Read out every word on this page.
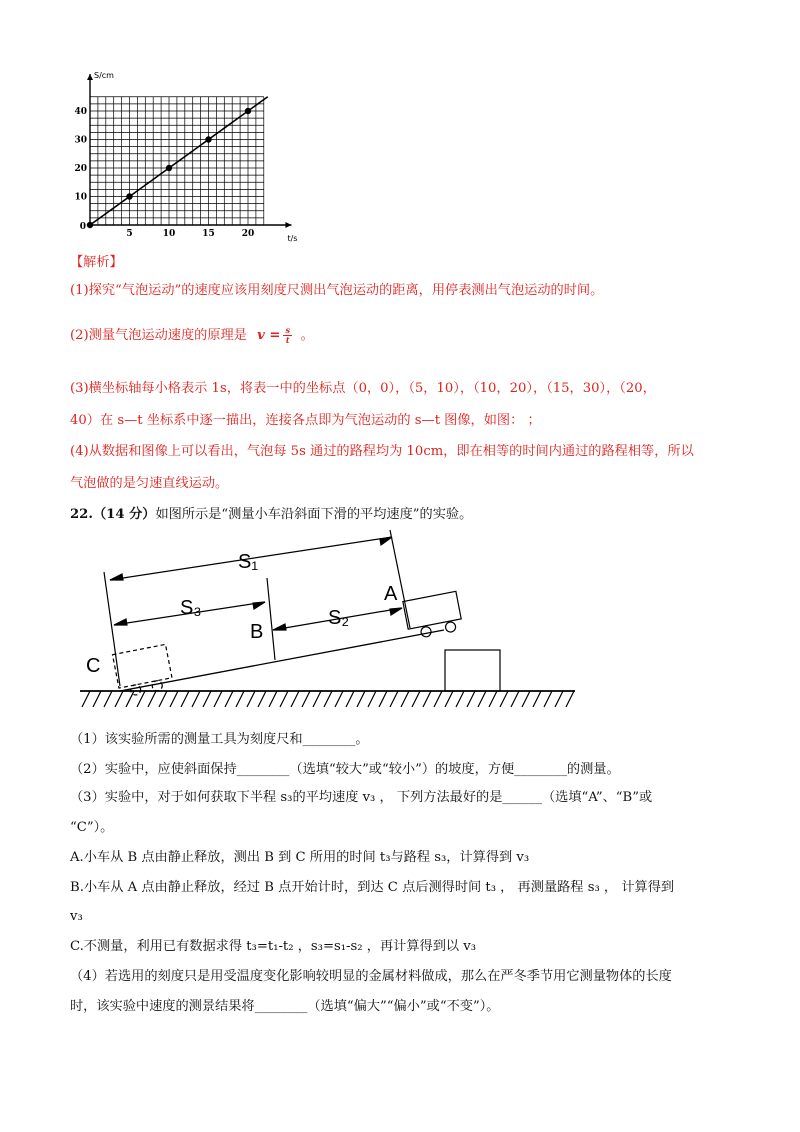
S/cm
t/s
5	10	15	20
0
10
20
30
40
【解析】
(1)探究“气泡运动”的速度应该用刻度尺测出气泡运动的距离，用停表测出气泡运动的时间。
(2)测量气泡运动速度的原理是 $v = \frac{s}{t}$ 。
(3)横坐标轴每小格表示 1s，将表一中的坐标点（0，0），（5，10），（10，20），（15，30），（20，
40）在 s—t 坐标系中逐一描出，连接各点即为气泡运动的 s—t 图像，如图： ；
(4)从数据和图像上可以看出，气泡每 5s 通过的路程均为 10cm，即在相等的时间内通过的路程相等，所以
气泡做的是匀速直线运动。
22.（14 分）如图所示是“测量小车沿斜面下滑的平均速度”的实验。
S₁
S₃	S₂
A
B
C
（1）该实验所需的测量工具为刻度尺和________。
（2）实验中，应使斜面保持________（选填“较大”或“较小”）的坡度，方便________的测量。
（3）实验中，对于如何获取下半程 s₃的平均速度 v₃ ， 下列方法最好的是______（选填“A”、“B”或
“C”）。
A.小车从 B 点由静止释放，测出 B 到 C 所用的时间 t₃与路程 s₃，计算得到 v₃
B.小车从 A 点由静止释放，经过 B 点开始计时，到达 C 点后测得时间 t₃ ， 再测量路程 s₃ ， 计算得到
v₃
C.不测量，利用已有数据求得 t₃=t₁-t₂ ，s₃=s₁-s₂ ，再计算得到以 v₃
（4）若选用的刻度只是用受温度变化影响较明显的金属材料做成，那么在严冬季节用它测量物体的长度
时，该实验中速度的测景结果将________（选填“偏大”“偏小”或“不变”）。
